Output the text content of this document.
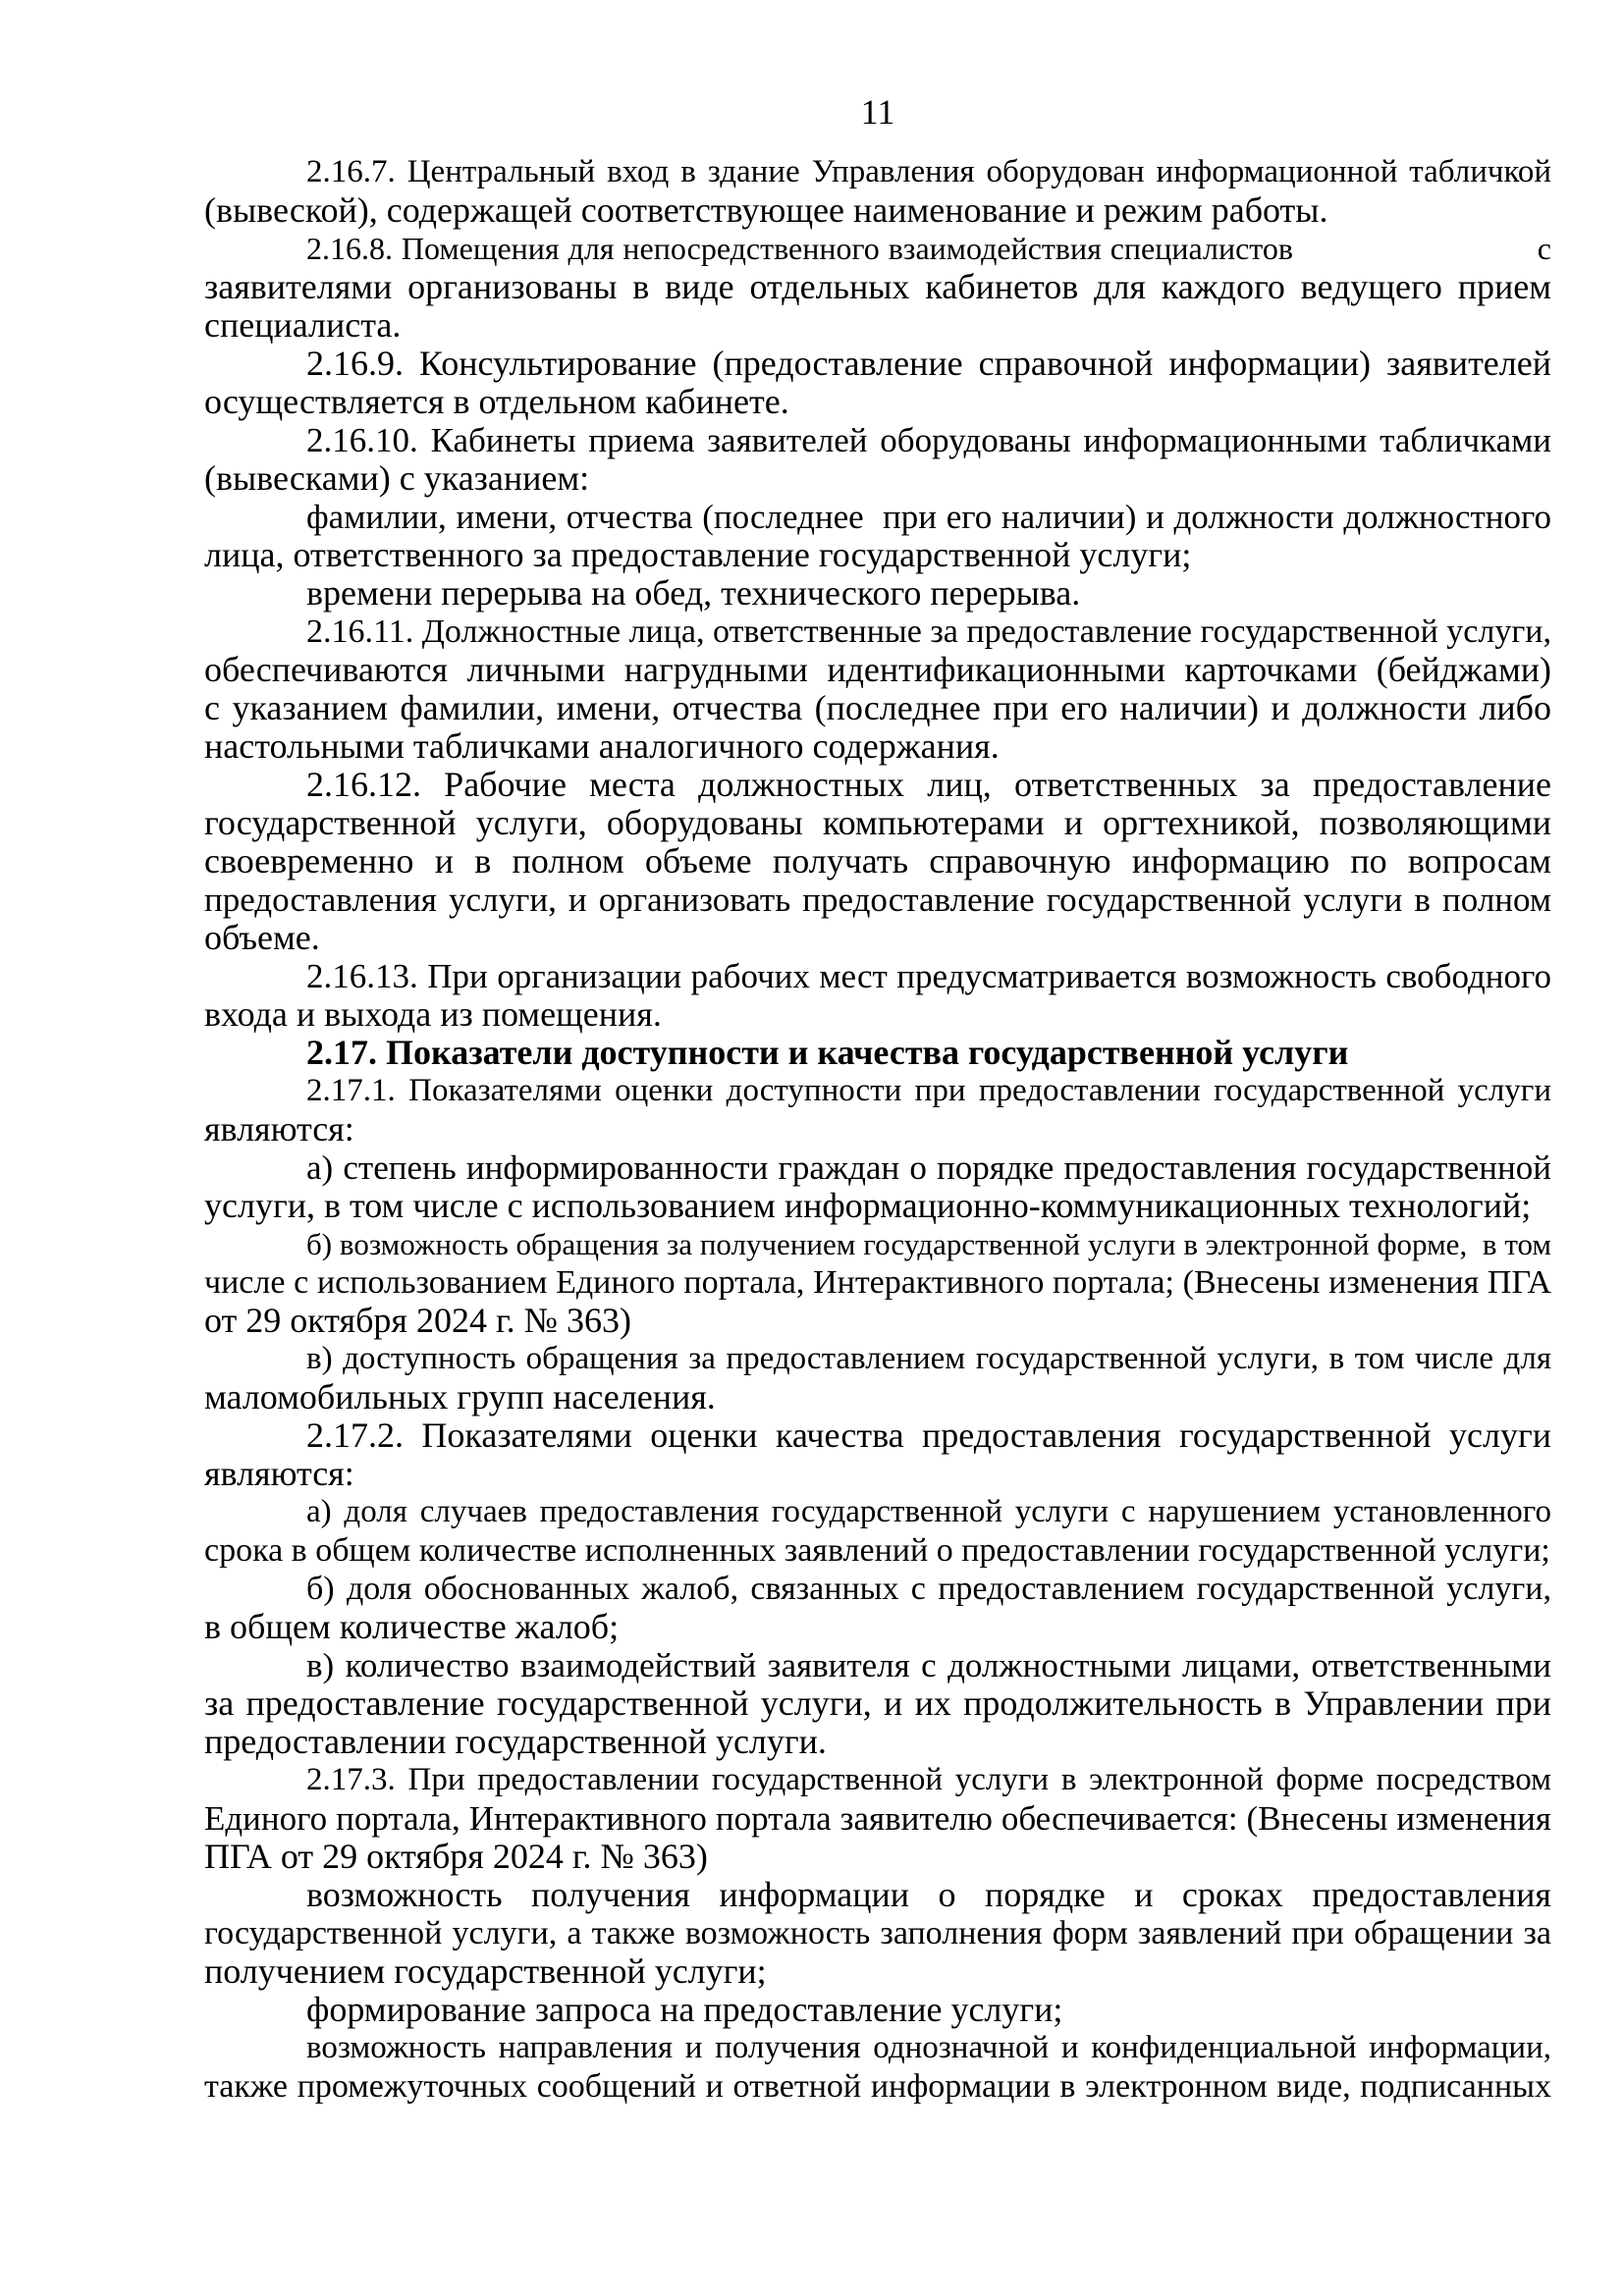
11
2.16.7. Центральный вход в здание Управления оборудован информационной табличкой
(вывеской), содержащей соответствующее наименование и режим работы.
2.16.8. Помещения для непосредственного взаимодействия специалистов                            с
заявителями организованы в виде отдельных кабинетов для каждого ведущего прием
специалиста.
2.16.9. Консультирование (предоставление справочной информации) заявителей
осуществляется в отдельном кабинете.
2.16.10. Кабинеты приема заявителей оборудованы информационными табличками
(вывесками) с указанием:
фамилии, имени, отчества (последнее  при его наличии) и должности должностного
лица, ответственного за предоставление государственной услуги;
времени перерыва на обед, технического перерыва.
2.16.11. Должностные лица, ответственные за предоставление государственной услуги,
обеспечиваются личными нагрудными идентификационными карточками (бейджами)
с указанием фамилии, имени, отчества (последнее при его наличии) и должности либо
настольными табличками аналогичного содержания.
2.16.12. Рабочие места должностных лиц, ответственных за предоставление
государственной услуги, оборудованы компьютерами и оргтехникой, позволяющими
своевременно и в полном объеме получать справочную информацию по вопросам
предоставления услуги, и организовать предоставление государственной услуги в полном
объеме.
2.16.13. При организации рабочих мест предусматривается возможность свободного
входа и выхода из помещения.
2.17. Показатели доступности и качества государственной услуги
2.17.1. Показателями оценки доступности при предоставлении государственной услуги
являются:
а) степень информированности граждан о порядке предоставления государственной
услуги, в том числе с использованием информационно-коммуникационных технологий;
б) возможность обращения за получением государственной услуги в электронной форме,  в том
числе с использованием Единого портала, Интерактивного портала; (Внесены изменения ПГА
от 29 октября 2024 г. № 363)
в) доступность обращения за предоставлением государственной услуги, в том числе для
маломобильных групп населения.
2.17.2. Показателями оценки качества предоставления государственной услуги
являются:
а) доля случаев предоставления государственной услуги с нарушением установленного
срока в общем количестве исполненных заявлений о предоставлении государственной услуги;
б) доля обоснованных жалоб, связанных с предоставлением государственной услуги,
в общем количестве жалоб;
в) количество взаимодействий заявителя с должностными лицами, ответственными
за предоставление государственной услуги, и их продолжительность в Управлении при
предоставлении государственной услуги.
2.17.3. При предоставлении государственной услуги в электронной форме посредством
Единого портала, Интерактивного портала заявителю обеспечивается: (Внесены изменения
ПГА от 29 октября 2024 г. № 363)
возможность получения информации о порядке и сроках предоставления
государственной услуги, а также возможность заполнения форм заявлений при обращении за
получением государственной услуги;
формирование запроса на предоставление услуги;
возможность направления и получения однозначной и конфиденциальной информации,
также промежуточных сообщений и ответной информации в электронном виде, подписанных
